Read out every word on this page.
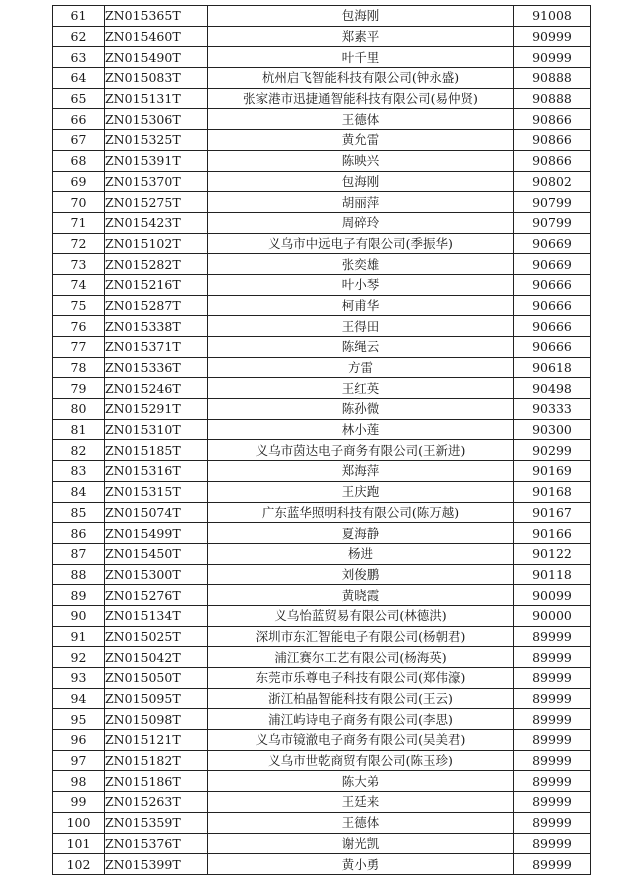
61	ZN015365T	包海刚	91008
62	ZN015460T	郑素平	90999
63	ZN015490T	叶千里	90999
64	ZN015083T	杭州启飞智能科技有限公司(钟永盛)	90888
65	ZN015131T	张家港市迅捷通智能科技有限公司(易仲贤)	90888
66	ZN015306T	王德体	90866
67	ZN015325T	黄允雷	90866
68	ZN015391T	陈映兴	90866
69	ZN015370T	包海刚	90802
70	ZN015275T	胡丽萍	90799
71	ZN015423T	周碎玲	90799
72	ZN015102T	义乌市中远电子有限公司(季振华)	90669
73	ZN015282T	张奕雄	90669
74	ZN015216T	叶小琴	90666
75	ZN015287T	柯甫华	90666
76	ZN015338T	王得田	90666
77	ZN015371T	陈绳云	90666
78	ZN015336T	方雷	90618
79	ZN015246T	王红英	90498
80	ZN015291T	陈孙微	90333
81	ZN015310T	林小莲	90300
82	ZN015185T	义乌市茵达电子商务有限公司(王新进)	90299
83	ZN015316T	郑海萍	90169
84	ZN015315T	王庆跑	90168
85	ZN015074T	广东蓝华照明科技有限公司(陈万越)	90167
86	ZN015499T	夏海静	90166
87	ZN015450T	杨进	90122
88	ZN015300T	刘俊鹏	90118
89	ZN015276T	黄晓霞	90099
90	ZN015134T	义乌怡蓝贸易有限公司(林德洪)	90000
91	ZN015025T	深圳市东汇智能电子有限公司(杨朝君)	89999
92	ZN015042T	浦江赛尔工艺有限公司(杨海英)	89999
93	ZN015050T	东莞市乐尊电子科技有限公司(郑伟濠)	89999
94	ZN015095T	浙江柏晶智能科技有限公司(王云)	89999
95	ZN015098T	浦江屿诗电子商务有限公司(李思)	89999
96	ZN015121T	义乌市镜澈电子商务有限公司(吴美君)	89999
97	ZN015182T	义乌市世乾商贸有限公司(陈玉珍)	89999
98	ZN015186T	陈大弟	89999
99	ZN015263T	王廷来	89999
100	ZN015359T	王德体	89999
101	ZN015376T	谢光凯	89999
102	ZN015399T	黄小勇	89999
